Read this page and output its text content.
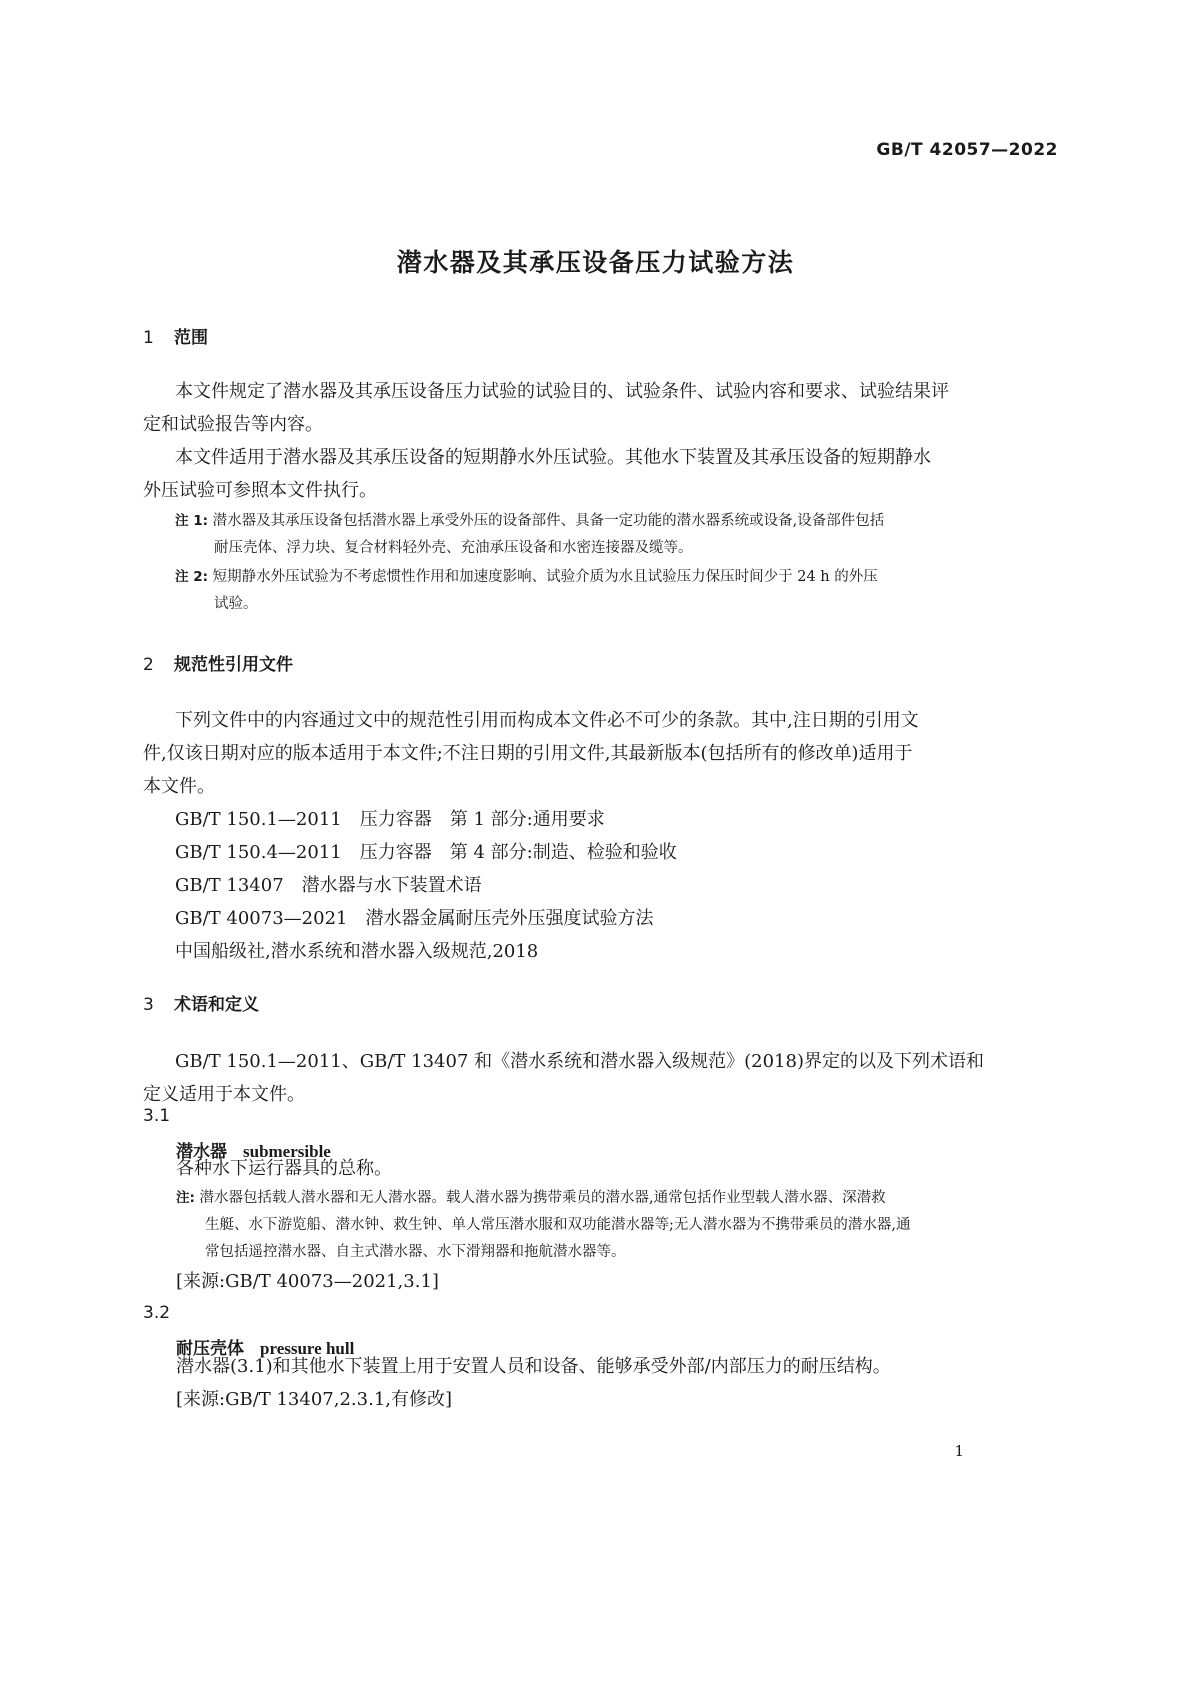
GB/T 42057—2022
潜水器及其承压设备压力试验方法
1 范围
本文件规定了潜水器及其承压设备压力试验的试验目的、试验条件、试验内容和要求、试验结果评
定和试验报告等内容。
本文件适用于潜水器及其承压设备的短期静水外压试验。其他水下装置及其承压设备的短期静水
外压试验可参照本文件执行。
注 1: 潜水器及其承压设备包括潜水器上承受外压的设备部件、具备一定功能的潜水器系统或设备,设备部件包括
耐压壳体、浮力块、复合材料轻外壳、充油承压设备和水密连接器及缆等。
注 2: 短期静水外压试验为不考虑惯性作用和加速度影响、试验介质为水且试验压力保压时间少于 24 h 的外压
试验。
2 规范性引用文件
下列文件中的内容通过文中的规范性引用而构成本文件必不可少的条款。其中,注日期的引用文
件,仅该日期对应的版本适用于本文件;不注日期的引用文件,其最新版本(包括所有的修改单)适用于
本文件。
GB/T 150.1—2011　压力容器　第 1 部分:通用要求
GB/T 150.4—2011　压力容器　第 4 部分:制造、检验和验收
GB/T 13407　潜水器与水下装置术语
GB/T 40073—2021　潜水器金属耐压壳外压强度试验方法
中国船级社,潜水系统和潜水器入级规范,2018
3 术语和定义
GB/T 150.1—2011、GB/T 13407 和《潜水系统和潜水器入级规范》(2018)界定的以及下列术语和
定义适用于本文件。
3.1
潜水器 submersible
各种水下运行器具的总称。
注: 潜水器包括载人潜水器和无人潜水器。载人潜水器为携带乘员的潜水器,通常包括作业型载人潜水器、深潜救
生艇、水下游览船、潜水钟、救生钟、单人常压潜水服和双功能潜水器等;无人潜水器为不携带乘员的潜水器,通
常包括遥控潜水器、自主式潜水器、水下滑翔器和拖航潜水器等。
[来源:GB/T 40073—2021,3.1]
3.2
耐压壳体 pressure hull
潜水器(3.1)和其他水下装置上用于安置人员和设备、能够承受外部/内部压力的耐压结构。
[来源:GB/T 13407,2.3.1,有修改]
1
